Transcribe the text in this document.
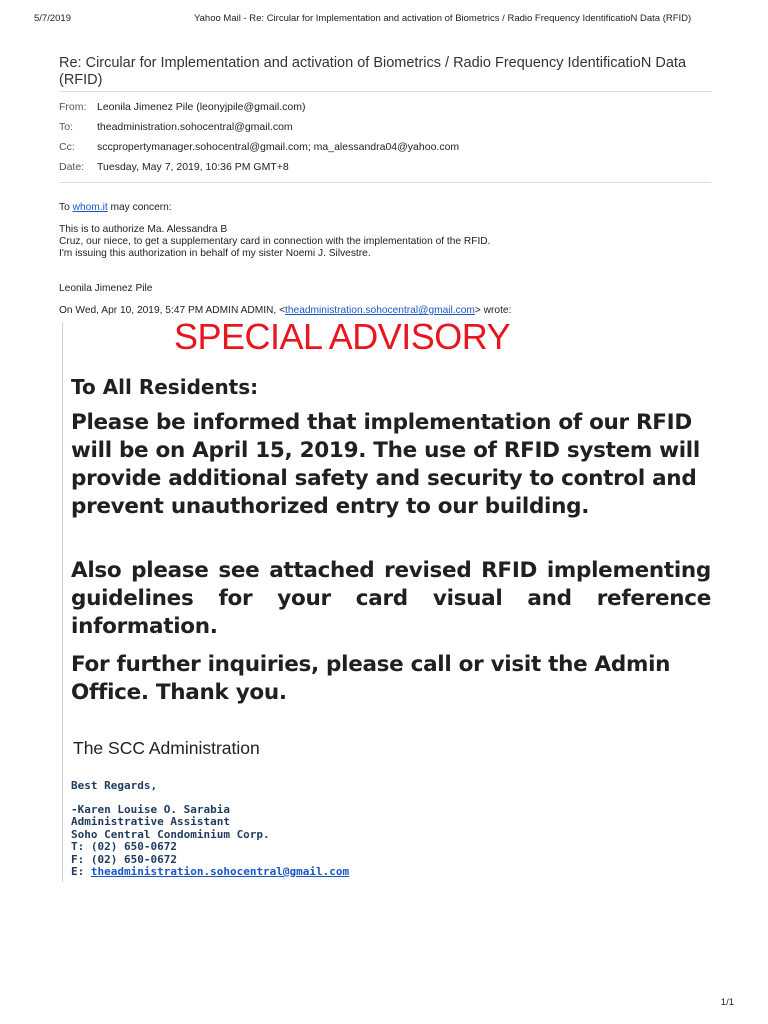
5/7/2019	Yahoo Mail - Re: Circular for Implementation and activation of Biometrics / Radio Frequency IdentificatioN Data (RFID)
Re: Circular for Implementation and activation of Biometrics / Radio Frequency IdentificatioN Data (RFID)
From: Leonila Jimenez Pile (leonyjpile@gmail.com)
To: theadministration.sohocentral@gmail.com
Cc: sccpropertymanager.sohocentral@gmail.com; ma_alessandra04@yahoo.com
Date: Tuesday, May 7, 2019, 10:36 PM GMT+8
To whom.it may concern:
This is to authorize Ma. Alessandra B
Cruz, our niece, to get a supplementary card in connection with the implementation of the RFID.
I'm issuing this authorization in behalf of my sister Noemi J. Silvestre.
Leonila Jimenez Pile
On Wed, Apr 10, 2019, 5:47 PM ADMIN ADMIN, <theadministration.sohocentral@gmail.com> wrote:
SPECIAL ADVISORY
To All Residents:
Please be informed that implementation of our RFID will be on April 15, 2019. The use of RFID system will provide additional safety and security to control and prevent unauthorized entry to our building.
Also please see attached revised RFID implementing guidelines for your card visual and reference information.
For further inquiries, please call or visit the Admin Office. Thank you.
The SCC Administration
Best Regards,
-Karen Louise O. Sarabia
Administrative Assistant
Soho Central Condominium Corp.
T: (02) 650-0672
F: (02) 650-0672
E: theadministration.sohocentral@gmail.com
1/1
